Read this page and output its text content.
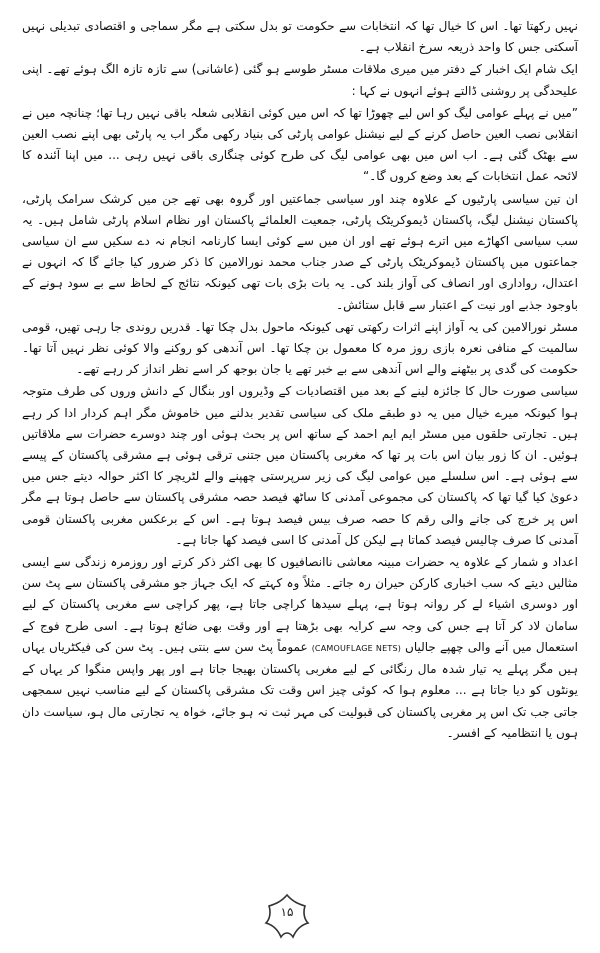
نہیں رکھتا تھا۔ اس کا خیال تھا کہ انتخابات سے حکومت تو بدل سکتی ہے مگر سماجی و اقتصادی تبدیلی نہیں آسکتی جس کا واحد ذریعہ سرخ انقلاب ہے۔

ایک شام ایک اخبار کے دفتر میں میری ملاقات مسٹر طوسے ہو گئی (عاشانی) سے تازہ تازہ الگ ہوئے تھے۔ اپنی علیحدگی پر روشنی ڈالتے ہوئے انہوں نے کہا :

”میں نے پہلے عوامی لیگ کو اس لیے چھوڑا تھا کہ اس میں کوئی انقلابی شعلہ باقی نہیں رہا تھا؛ چنانچہ میں نے انقلابی نصب العین حاصل کرنے کے لیے نیشنل عوامی پارٹی کی بنیاد رکھی مگر اب یہ پارٹی بھی اپنے نصب العین سے بھٹک گئی ہے۔ اب اس میں بھی عوامی لیگ کی طرح کوئی چنگاری باقی نہیں رہی ... میں اپنا آئندہ کا لائحہ عمل انتخابات کے بعد وضع کروں گا۔“

ان تین سیاسی پارٹیوں کے علاوہ چند اور سیاسی جماعتیں اور گروہ بھی تھے جن میں کرشک سرامک پارٹی، پاکستان نیشنل لیگ، پاکستان ڈیموکریٹک پارٹی، جمعیت العلمائے پاکستان اور نظام اسلام پارٹی شامل ہیں۔ یہ سب سیاسی اکھاڑے میں اترے ہوئے تھے اور ان میں سے کوئی ایسا کارنامہ انجام نہ دے سکیں سے ان سیاسی جماعتوں میں پاکستان ڈیموکریٹک پارٹی کے صدر جناب محمد نورالامین کا ذکر ضرور کیا جائے گا کہ انہوں نے اعتدال، رواداری اور انصاف کی آواز بلند کی۔ یہ بات بڑی بات تھی کیونکہ نتائج کے لحاظ سے بے سود ہونے کے باوجود جذبے اور نیت کے اعتبار سے قابل ستائش۔

مسٹر نورالامین کی یہ آواز اپنے اثرات رکھتی تھی کیونکہ ماحول بدل چکا تھا۔ قدریں روندی جا رہی تھیں، قومی سالمیت کے منافی نعرہ بازی روز مرہ کا معمول بن چکا تھا۔ اس آندھی کو روکنے والا کوئی نظر نہیں آتا تھا۔ حکومت کی گدی پر بیٹھنے والے اس آندھی سے بے خبر تھے یا جان بوجھ کر اسے نظر انداز کر رہے تھے۔

سیاسی صورت حال کا جائزہ لینے کے بعد میں اقتصادیات کے وڈیروں اور بنگال کے دانش وروں کی طرف متوجہ ہوا کیونکہ میرے خیال میں یہ دو طبقے ملک کی سیاسی تقدیر بدلنے میں خاموش مگر اہم کردار ادا کر رہے ہیں۔ تجارتی حلقوں میں مسٹر ایم ایم احمد کے ساتھ اس پر بحث ہوئی اور چند دوسرے حضرات سے ملاقاتیں ہوئیں۔ ان کا زور بیان اس بات پر تھا کہ مغربی پاکستان میں جتنی ترقی ہوئی ہے مشرقی پاکستان کے پیسے سے ہوئی ہے۔ اس سلسلے میں عوامی لیگ کی زیر سرپرستی چھپنے والے لٹریچر کا اکثر حوالہ دیتے جس میں دعویٰ کیا گیا تھا کہ پاکستان کی مجموعی آمدنی کا ساٹھ فیصد حصہ مشرقی پاکستان سے حاصل ہوتا ہے مگر اس پر خرچ کی جانے والی رقم کا حصہ صرف بیس فیصد ہوتا ہے۔ اس کے برعکس مغربی پاکستان قومی آمدنی کا صرف چالیس فیصد کماتا ہے لیکن کل آمدنی کا اسی فیصد کھا جاتا ہے۔

اعداد و شمار کے علاوہ یہ حضرات مبینہ معاشی ناانصافیوں کا بھی اکثر ذکر کرتے اور روزمرہ زندگی سے ایسی مثالیں دیتے کہ سب اخباری کارکن حیران رہ جاتے۔ مثلاً وہ کہتے کہ ایک جہاز جو مشرقی پاکستان سے پٹ سن اور دوسری اشیاء لے کر روانہ ہوتا ہے، پہلے سیدھا کراچی جاتا ہے، پھر کراچی سے مغربی پاکستان کے لیے سامان لاد کر آتا ہے جس کی وجہ سے کرایہ بھی بڑھتا ہے اور وقت بھی ضائع ہوتا ہے۔ اسی طرح فوج کے استعمال میں آنے والی چھپے جالیاں (CAMOUFLAGE NETS) عموماً پٹ سن سے بنتی ہیں۔ پٹ سن کی فیکٹریاں یہاں ہیں مگر پہلے یہ تیار شدہ مال رنگائی کے لیے مغربی پاکستان بھیجا جاتا ہے اور پھر واپس منگوا کر یہاں کے یونٹوں کو دیا جاتا ہے ... معلوم ہوا کہ کوئی چیز اس وقت تک مشرقی پاکستان کے لیے مناسب نہیں سمجھی جاتی جب تک اس پر مغربی پاکستان کی قبولیت کی مہر ثبت نہ ہو جائے، خواہ یہ تجارتی مال ہو، سیاست دان ہوں یا انتظامیہ کے افسر۔

۱۵
